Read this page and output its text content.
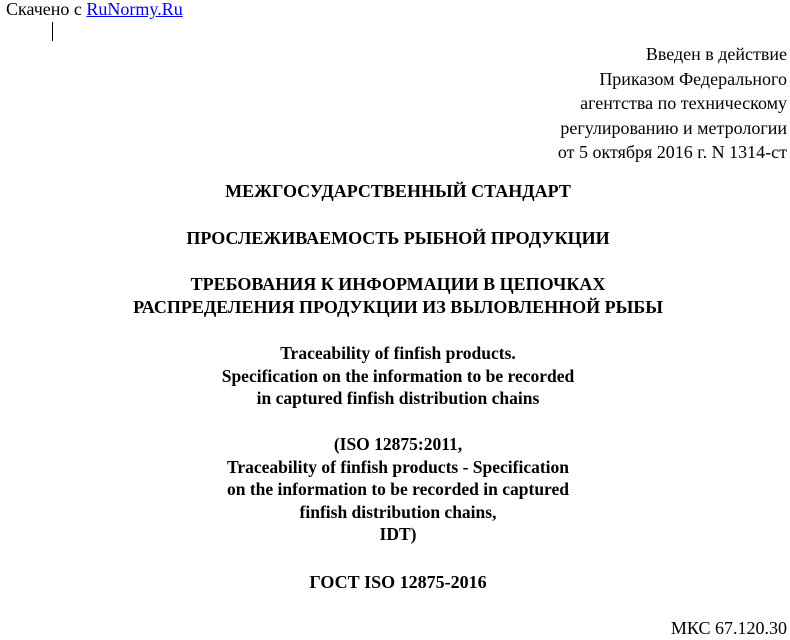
Скачено с RuNormy.Ru
Введен в действие
Приказом Федерального
агентства по техническому
регулированию и метрологии
от 5 октября 2016 г. N 1314-ст
МЕЖГОСУДАРСТВЕННЫЙ СТАНДАРТ
ПРОСЛЕЖИВАЕМОСТЬ РЫБНОЙ ПРОДУКЦИИ
ТРЕБОВАНИЯ К ИНФОРМАЦИИ В ЦЕПОЧКАХ
РАСПРЕДЕЛЕНИЯ ПРОДУКЦИИ ИЗ ВЫЛОВЛЕННОЙ РЫБЫ
Traceability of finfish products.
Specification on the information to be recorded
in captured finfish distribution chains
(ISO 12875:2011,
Traceability of finfish products - Specification
on the information to be recorded in captured
finfish distribution chains,
IDT)
ГОСТ ISO 12875-2016
МКС 67.120.30
